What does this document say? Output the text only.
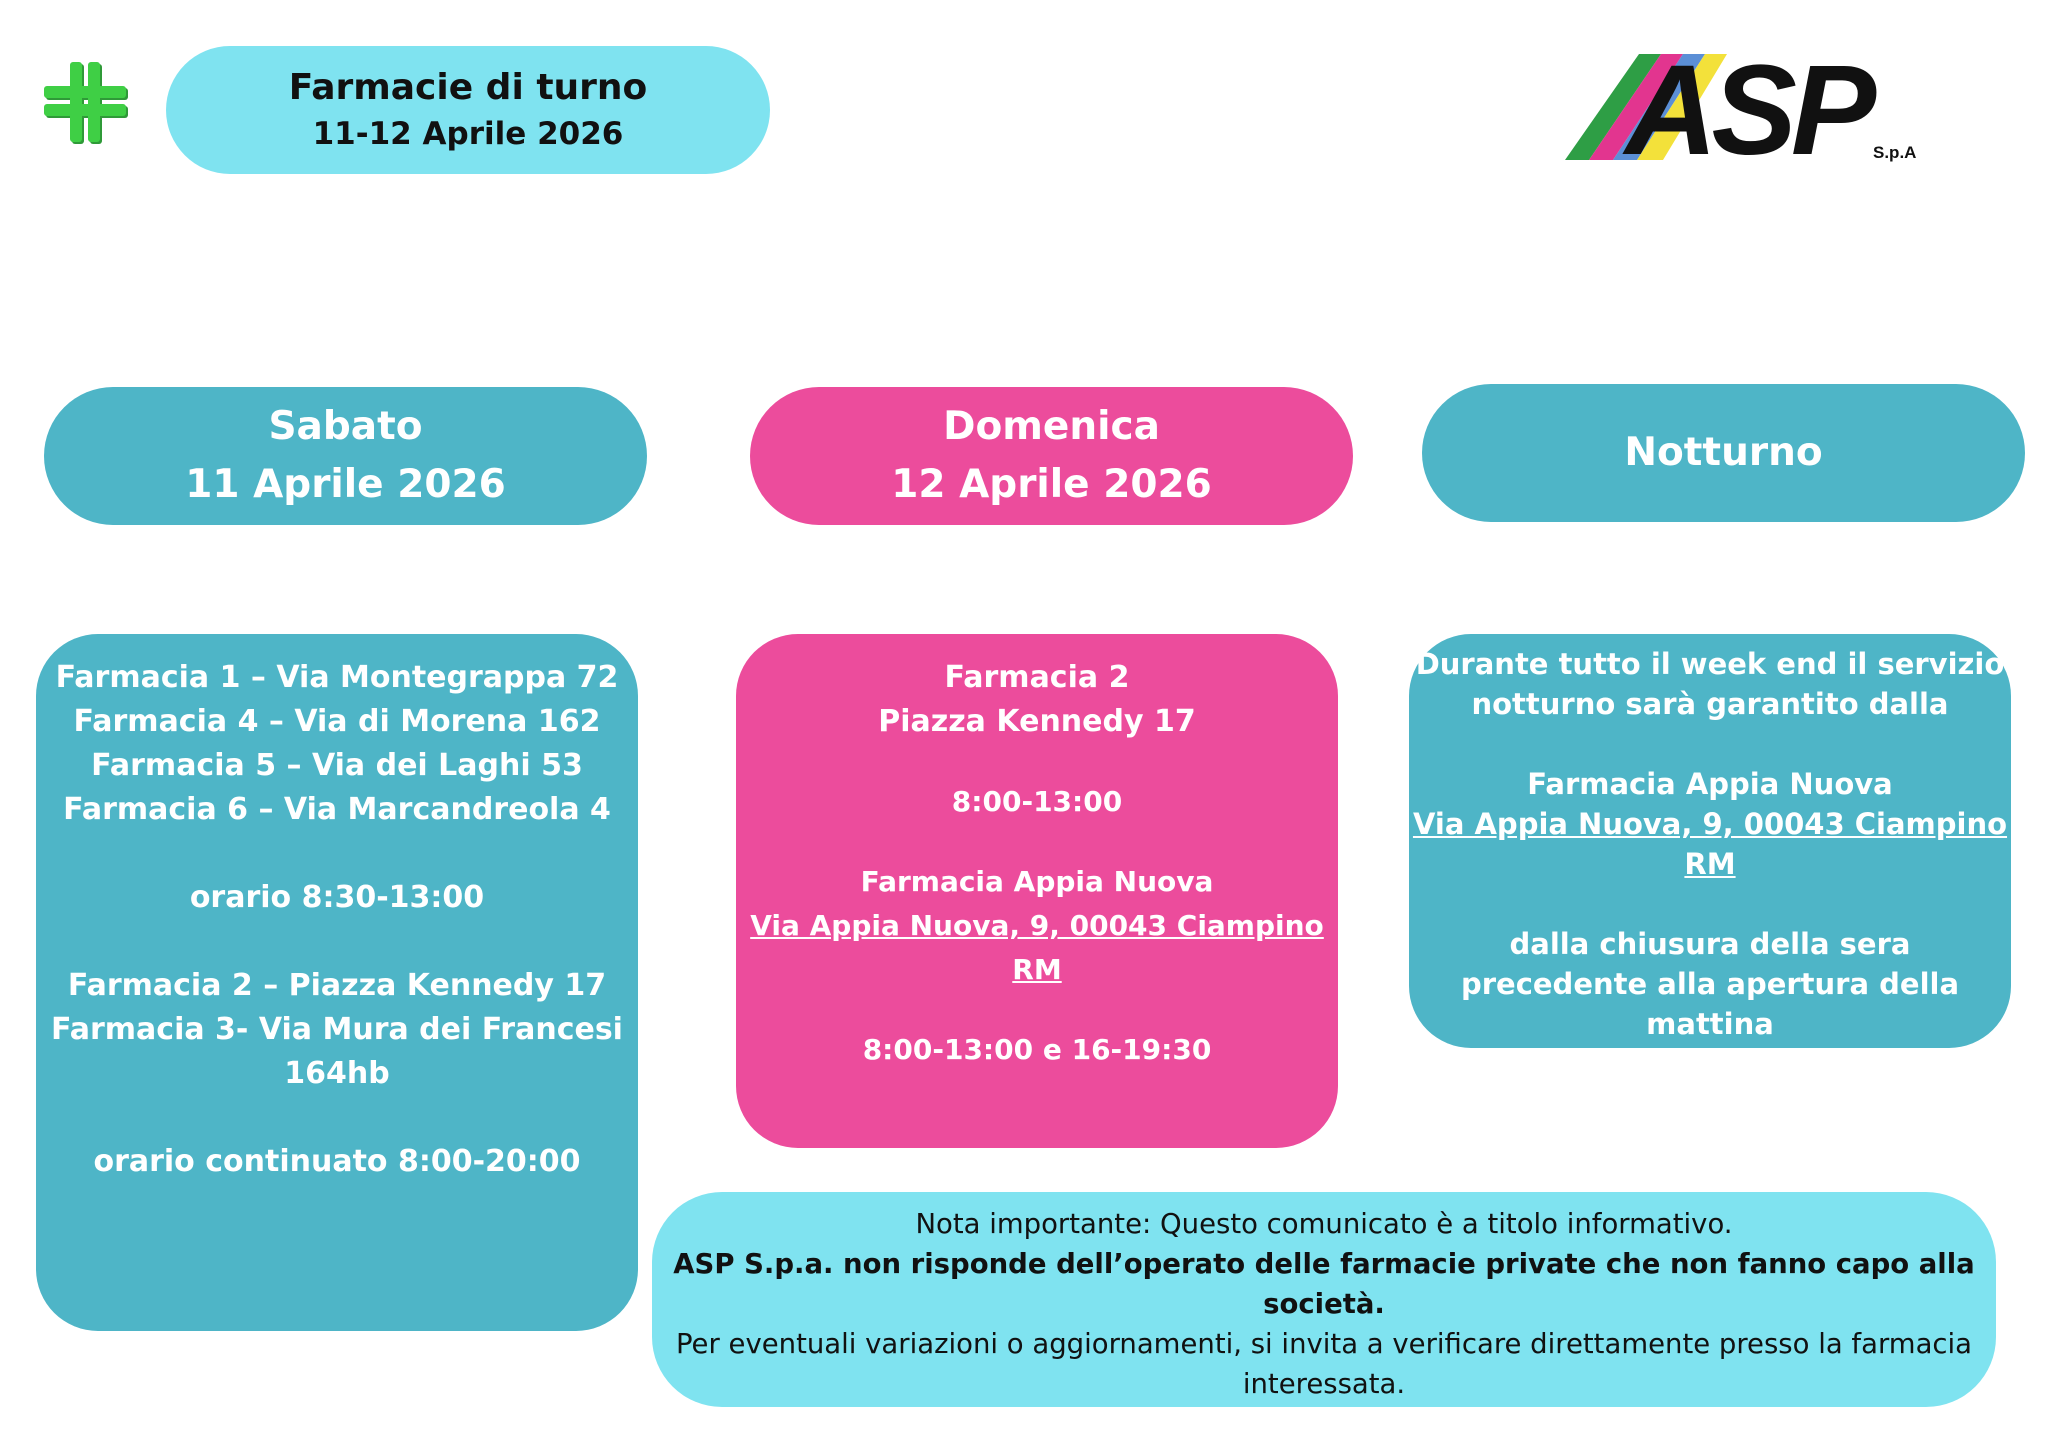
Farmacie di turno
11-12 Aprile 2026	ASP S.p.A
Sabato
11 Aprile 2026
Domenica
12 Aprile 2026
Notturno

Farmacia 1 – Via Montegrappa 72

Farmacia 4 – Via di Morena 162

Farmacia 5 – Via dei Laghi 53

Farmacia 6 – Via Marcandreola 4

orario 8:30-13:00

Farmacia 2 – Piazza Kennedy 17

Farmacia 3- Via Mura dei Francesi

164hb

orario continuato 8:00-20:00

Farmacia 2

Piazza Kennedy 17

8:00-13:00

Farmacia Appia Nuova

Via Appia Nuova, 9, 00043 Ciampino RM

8:00-13:00 e 16-19:30

Durante tutto il week end il servizio

notturno sarà garantito dalla

Farmacia Appia Nuova

Via Appia Nuova, 9, 00043 Ciampino RM

dalla chiusura della sera

precedente alla apertura della mattina

successiva

Nota importante: Questo comunicato è a titolo informativo.

ASP S.p.a. non risponde dell’operato delle farmacie private che non fanno capo alla società.

Per eventuali variazioni o aggiornamenti, si invita a verificare direttamente presso la farmacia

interessata.
